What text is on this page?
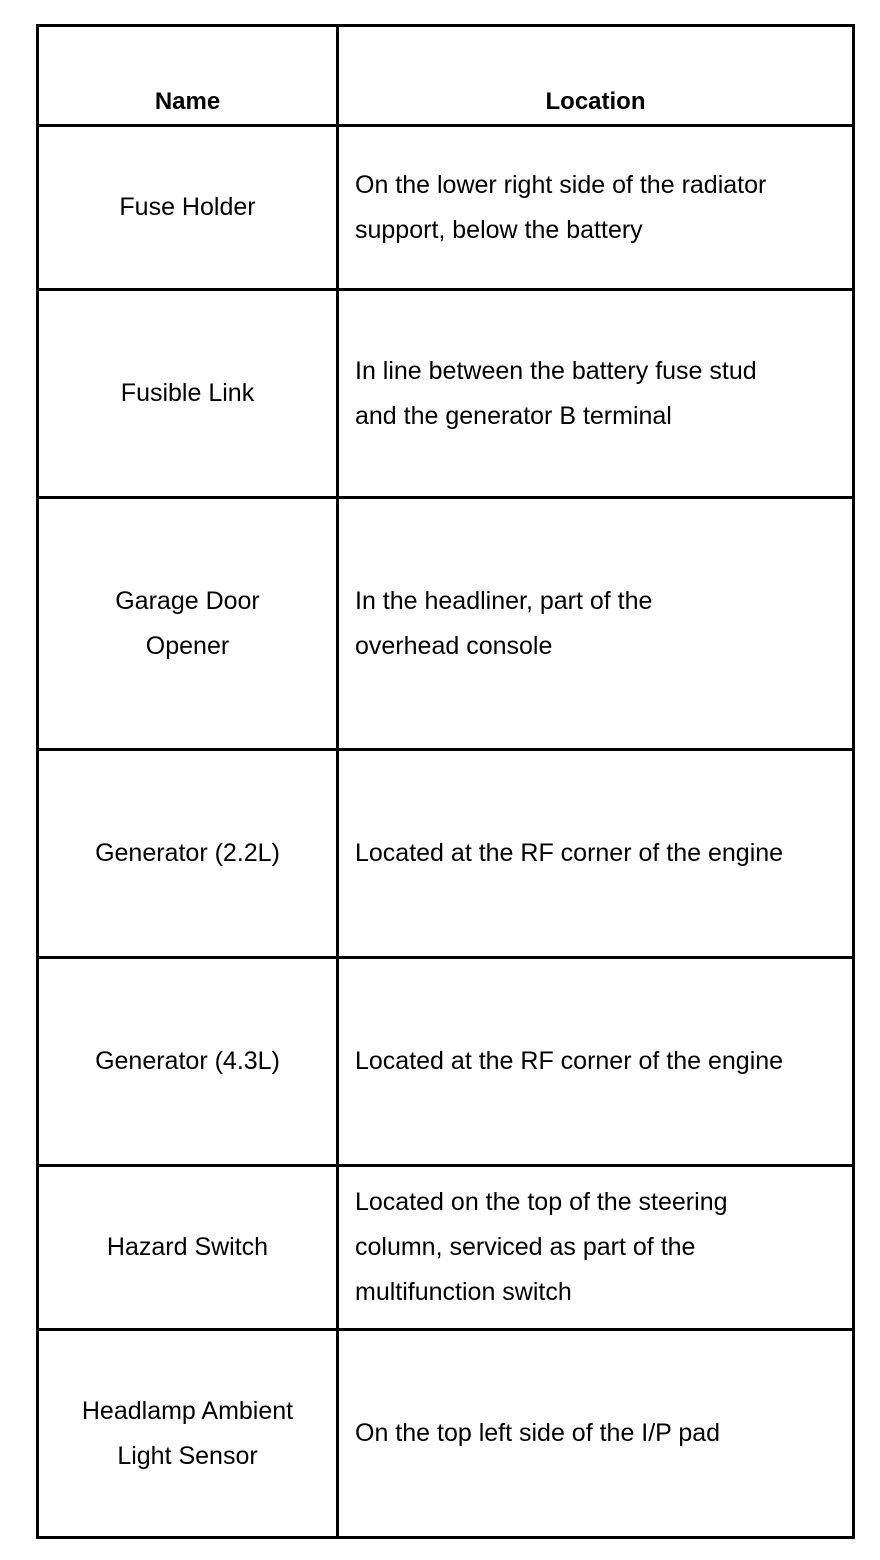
Name	Location
Fuse Holder	On the lower right side of the radiator support, below the battery

Fusible Link	In line between the battery fuse stud and the generator B terminal

Garage Door Opener	In the headliner, part of the overhead console

Generator (2.2L)	Located at the RF corner of the engine

Generator (4.3L)	Located at the RF corner of the engine

Hazard Switch	Located on the top of the steering column, serviced as part of the multifunction switch

Headlamp Ambient Light Sensor	On the top left side of the I/P pad
